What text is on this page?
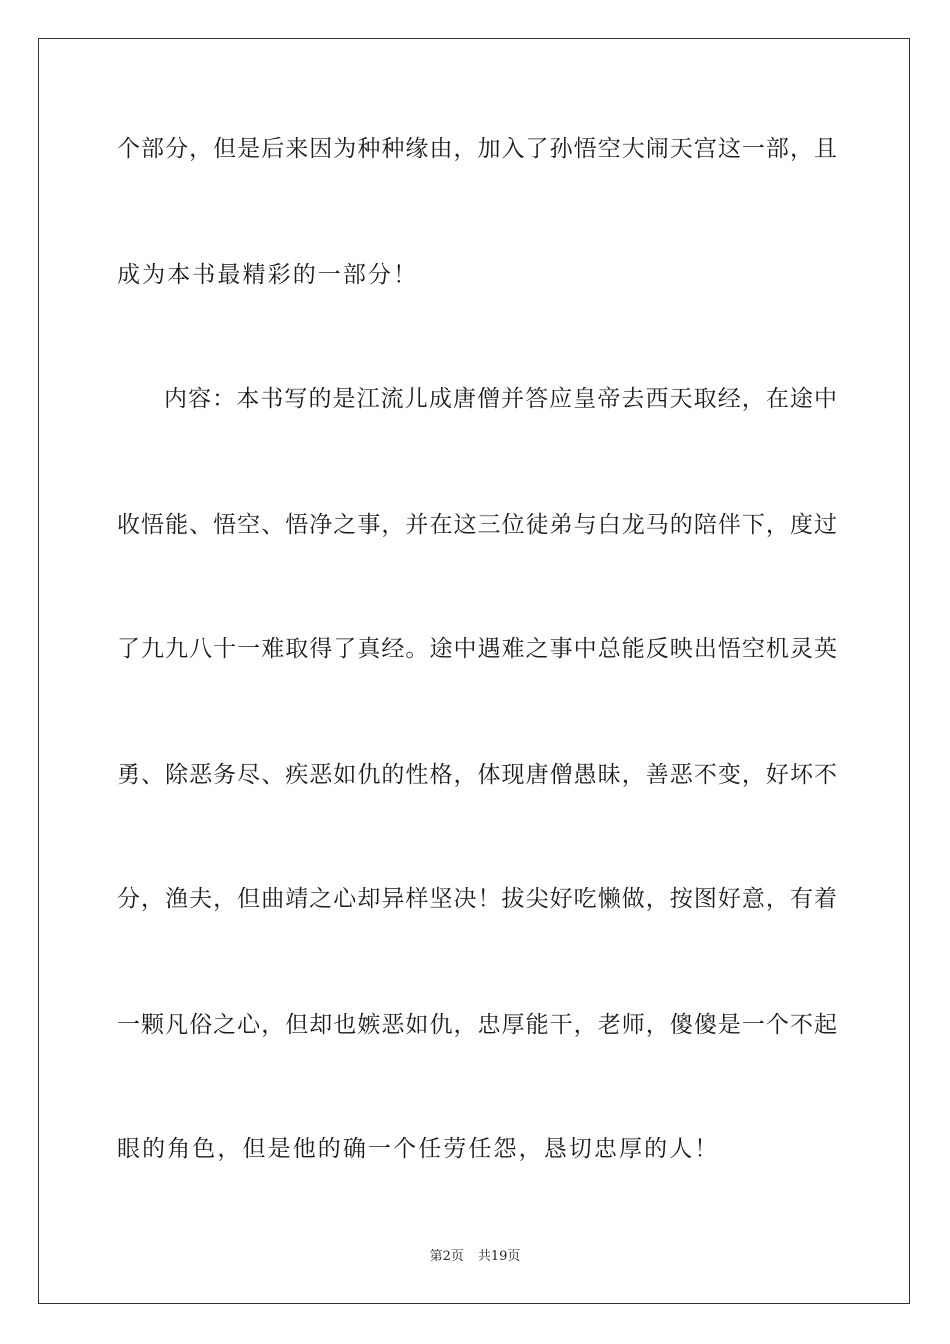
个部分，但是后来因为种种缘由，加入了孙悟空大闹天宫这一部，且
成为本书最精彩的一部分！
内容：本书写的是江流儿成唐僧并答应皇帝去西天取经，在途中
收悟能、悟空、悟净之事，并在这三位徒弟与白龙马的陪伴下，度过
了九九八十一难取得了真经。途中遇难之事中总能反映出悟空机灵英
勇、除恶务尽、疾恶如仇的性格，体现唐僧愚昧，善恶不变，好坏不
分，渔夫，但曲靖之心却异样坚决！拔尖好吃懒做，按图好意，有着
一颗凡俗之心，但却也嫉恶如仇，忠厚能干，老师，傻傻是一个不起
眼的角色，但是他的确一个任劳任怨，恳切忠厚的人！
第2页 共19页
